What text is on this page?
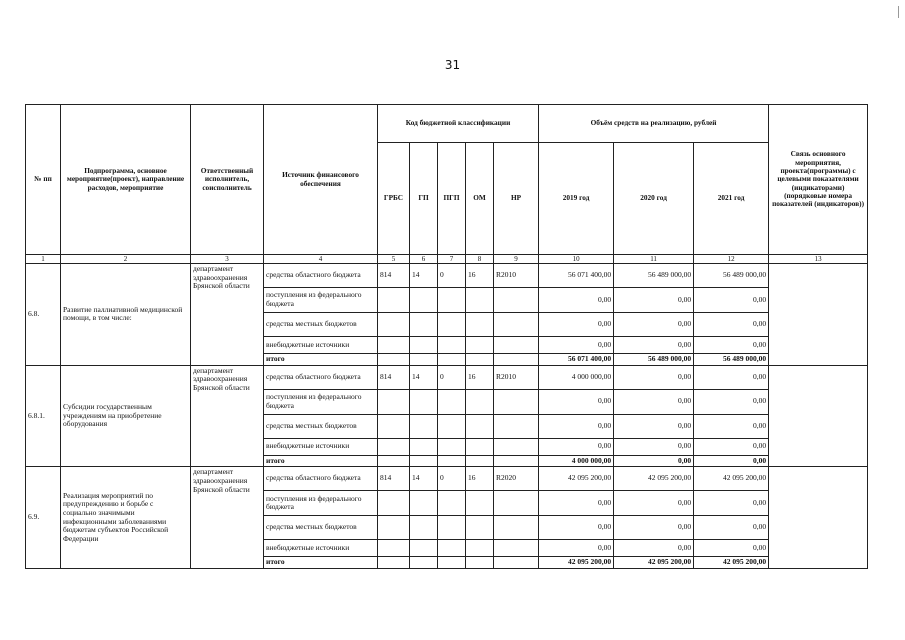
31
№ пп	Подпрограмма, основное мероприятие(проект), направление расходов, мероприятие	Ответственный исполнитель, соисполнитель	Источник финансового обеспечения	Код бюджетной классификации					Объём средств на реализацию, рублей			Связь основного мероприятия, проекта(программы) с целевыми показателями (индикаторами) (порядковые номера показателей (индикаторов))
				ГРБС	ГП	ПГП	ОМ	НР	2019 год	2020 год	2021 год	
1	2	3	4	5	6	7	8	9	10	11	12	13
6.8.	Развитие паллиативной медицинской помощи, в том числе:	департамент здравоохранения Брянской области	средства областного бюджета	814	14	0	16	R2010	56 071 400,00	56 489 000,00	56 489 000,00	
			поступления из федерального бюджета						0,00	0,00	0,00	
			средства местных бюджетов						0,00	0,00	0,00	
			внебюджетные источники						0,00	0,00	0,00	
			итого						56 071 400,00	56 489 000,00	56 489 000,00	
6.8.1.	Субсидии государственным учреждениям на приобретение оборудования	департамент здравоохранения Брянской области	средства областного бюджета	814	14	0	16	R2010	4 000 000,00	0,00	0,00	
			поступления из федерального бюджета						0,00	0,00	0,00	
			средства местных бюджетов						0,00	0,00	0,00	
			внебюджетные источники						0,00	0,00	0,00	
			итого						4 000 000,00	0,00	0,00	
6.9.	Реализация мероприятий по предупреждению и борьбе с социально значимыми инфекционными заболеваниями бюджетам субъектов Российской Федерации	департамент здравоохранения Брянской области	средства областного бюджета	814	14	0	16	R2020	42 095 200,00	42 095 200,00	42 095 200,00	
			поступления из федерального бюджета						0,00	0,00	0,00	
			средства местных бюджетов						0,00	0,00	0,00	
			внебюджетные источники						0,00	0,00	0,00	
			итого						42 095 200,00	42 095 200,00	42 095 200,00	
